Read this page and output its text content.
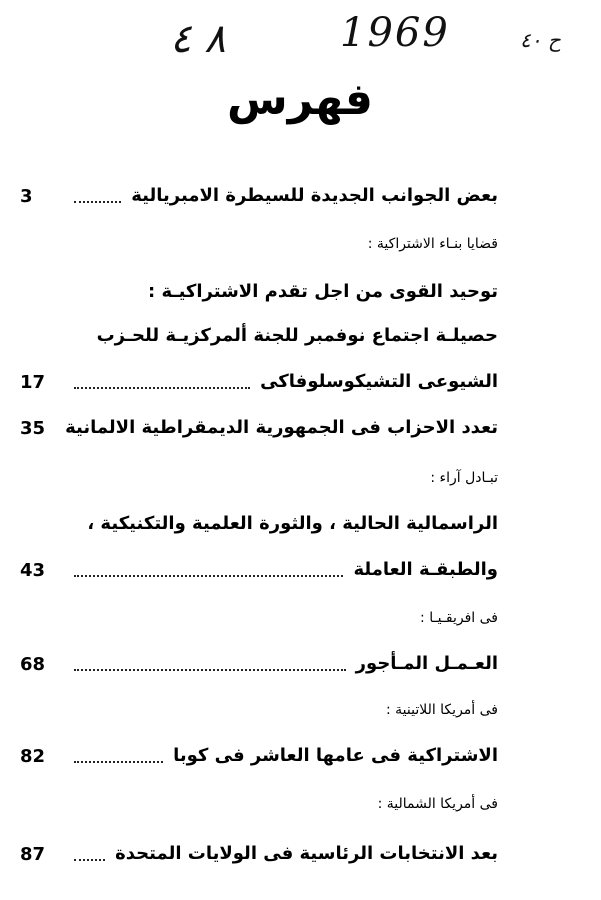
٨ ٤	1969	ح ٤٠
فهرس
بعض الجوانب الجديدة للسيطرة الامبريالية
3
قضايا بنـاء الاشتراكية :
توحيد القوى من اجل تقدم الاشتراكيـة :
حصيلـة اجتماع نوفمبر للجنة ألمركزيـة للحـزب
الشيوعى التشيكوسلوفاكى
17
تعدد الاحزاب فى الجمهورية الديمقراطية الالمانية
35
تبـادل آراء :
الراسمالية الحالية ، والثورة العلمية والتكنيكية ،
والطبقـة العاملة
43
فى افريقـيـا :
العـمـل المـأجور
68
فى أمريكا اللاتينية :
الاشتراكية فى عامها العاشر فى كوبا
82
فى أمريكا الشمالية :
بعد الانتخابات الرئاسية فى الولايات المتحدة
87
